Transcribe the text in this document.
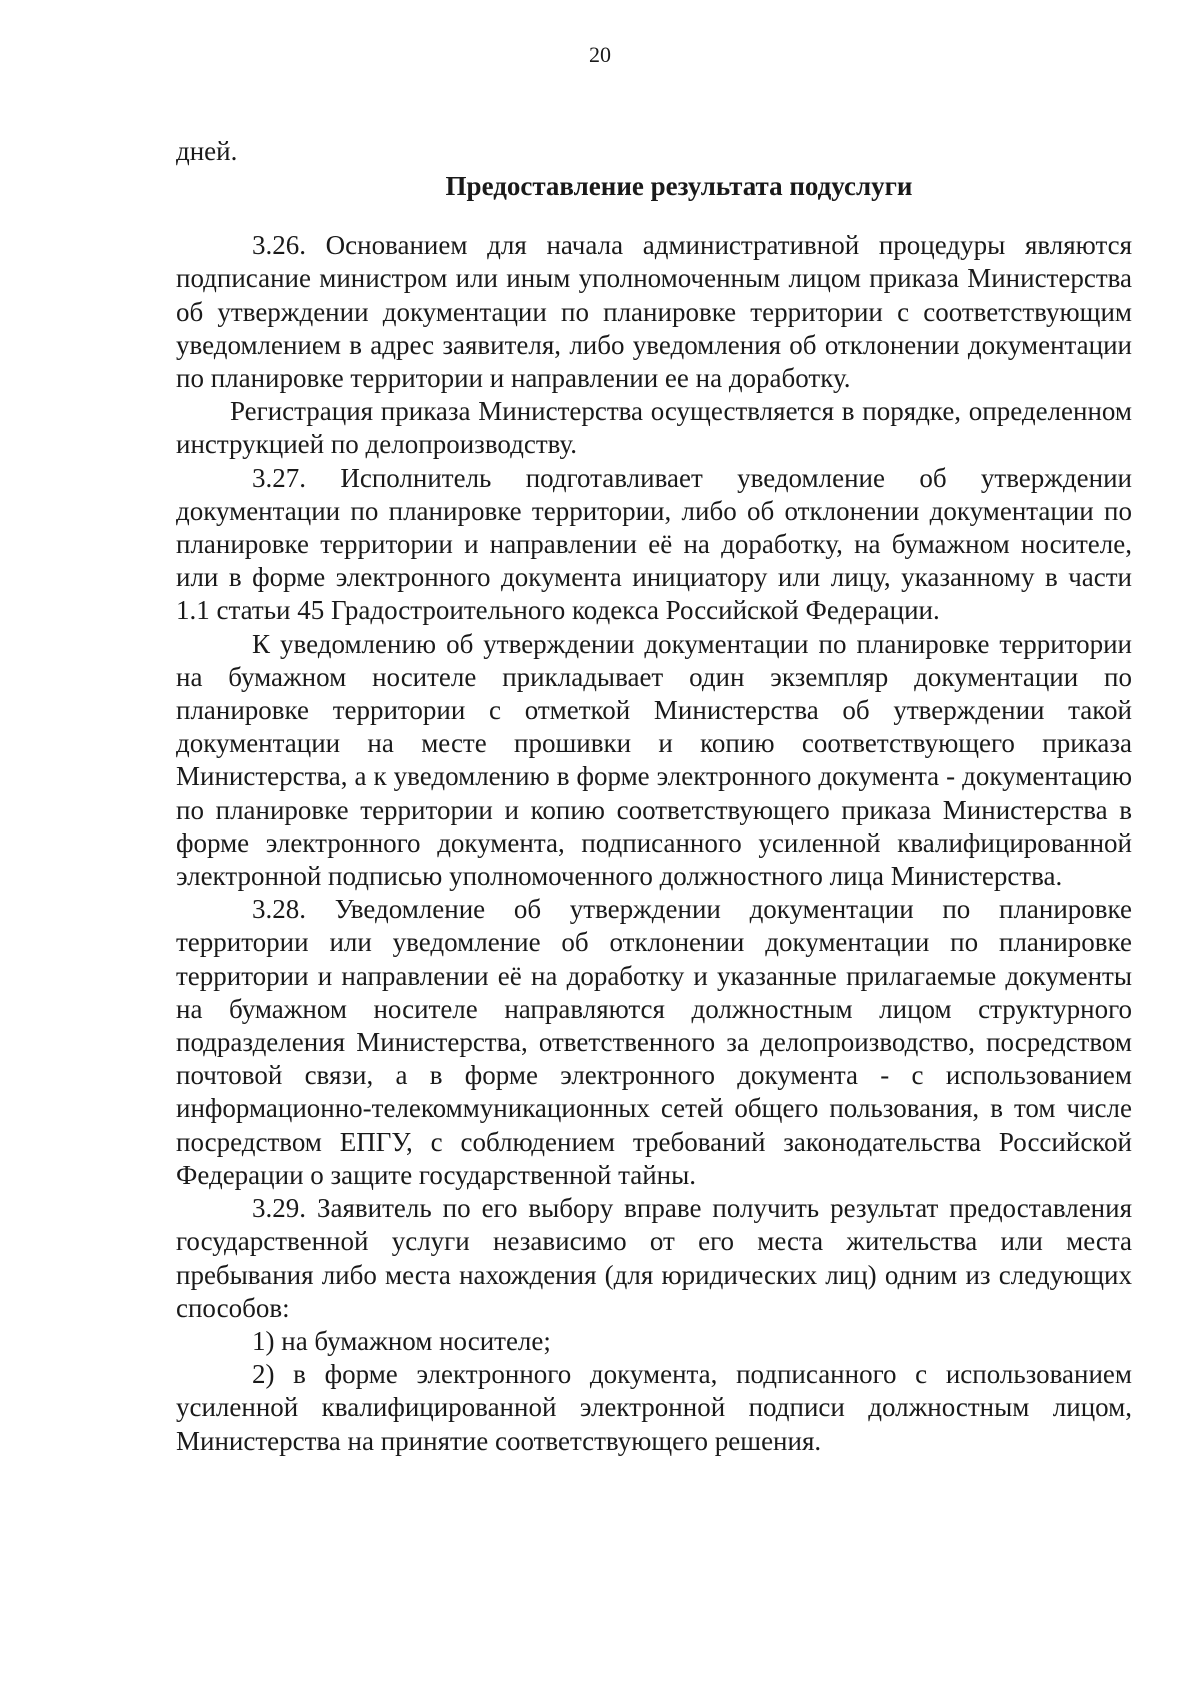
20

дней.

Предоставление результата подуслуги

3.26. Основанием для начала административной процедуры являются подписание министром или иным уполномоченным лицом приказа Министерства об утверждении документации по планировке территории с соответствующим уведомлением в адрес заявителя, либо уведомления об отклонении документации по планировке территории и направлении ее на доработку.

Регистрация приказа Министерства осуществляется в порядке, определенном инструкцией по делопроизводству.

3.27. Исполнитель подготавливает уведомление об утверждении документации по планировке территории, либо об отклонении документации по планировке территории и направлении её на доработку, на бумажном носителе, или в форме электронного документа инициатору или лицу, указанному в части 1.1 статьи 45 Градостроительного кодекса Российской Федерации.

К уведомлению об утверждении документации по планировке территории на бумажном носителе прикладывает один экземпляр документации по планировке территории с отметкой Министерства об утверждении такой документации на месте прошивки и копию соответствующего приказа Министерства, а к уведомлению в форме электронного документа - документацию по планировке территории и копию соответствующего приказа Министерства в форме электронного документа, подписанного усиленной квалифицированной электронной подписью уполномоченного должностного лица Министерства.

3.28. Уведомление об утверждении документации по планировке территории или уведомление об отклонении документации по планировке территории и направлении её на доработку и указанные прилагаемые документы на бумажном носителе направляются должностным лицом структурного подразделения Министерства, ответственного за делопроизводство, посредством почтовой связи, а в форме электронного документа - с использованием информационно-телекоммуникационных сетей общего пользования, в том числе посредством ЕПГУ, с соблюдением требований законодательства Российской Федерации о защите государственной тайны.

3.29. Заявитель по его выбору вправе получить результат предоставления государственной услуги независимо от его места жительства или места пребывания либо места нахождения (для юридических лиц) одним из следующих способов:

1) на бумажном носителе;

2) в форме электронного документа, подписанного с использованием усиленной квалифицированной электронной подписи должностным лицом, Министерства на принятие соответствующего решения.
